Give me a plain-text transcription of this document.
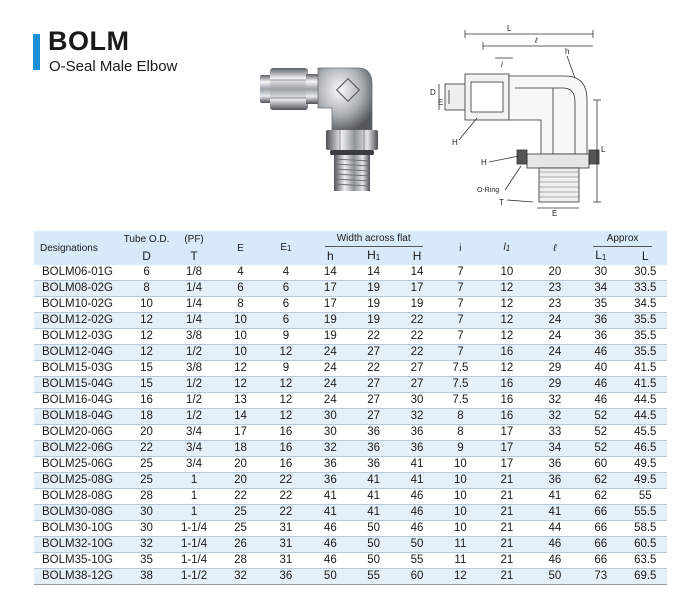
BOLM
O-Seal Male Elbow
L
ℓ
i
h
D
E
H
H
L
O-Ring
T
E
Designations	Tube O.D.	(PF)	E	$E_1$	Width across flat			i	$l_1$	ℓ	Approx	
	D	T			h	$H_1$	H				$L_1$	L
BOLM06-01G	6	1/8	4	4	14	14	14	7	10	20	30	30.5
BOLM08-02G	8	1/4	6	6	17	19	17	7	12	23	34	33.5
BOLM10-02G	10	1/4	8	6	17	19	19	7	12	23	35	34.5
BOLM12-02G	12	1/4	10	6	19	19	22	7	12	24	36	35.5
BOLM12-03G	12	3/8	10	9	19	22	22	7	12	24	36	35.5
BOLM12-04G	12	1/2	10	12	24	27	22	7	16	24	46	35.5
BOLM15-03G	15	3/8	12	9	24	22	27	7.5	12	29	40	41.5
BOLM15-04G	15	1/2	12	12	24	27	27	7.5	16	29	46	41.5
BOLM16-04G	16	1/2	13	12	24	27	30	7.5	16	32	46	44.5
BOLM18-04G	18	1/2	14	12	30	27	32	8	16	32	52	44.5
BOLM20-06G	20	3/4	17	16	30	36	36	8	17	33	52	45.5
BOLM22-06G	22	3/4	18	16	32	36	36	9	17	34	52	46.5
BOLM25-06G	25	3/4	20	16	36	36	41	10	17	36	60	49.5
BOLM25-08G	25	1	20	22	36	41	41	10	21	36	62	49.5
BOLM28-08G	28	1	22	22	41	41	46	10	21	41	62	55
BOLM30-08G	30	1	25	22	41	41	46	10	21	41	66	55.5
BOLM30-10G	30	1-1/4	25	31	46	50	46	10	21	44	66	58.5
BOLM32-10G	32	1-1/4	26	31	46	50	50	11	21	46	66	60.5
BOLM35-10G	35	1-1/4	28	31	46	50	55	11	21	46	66	63.5
BOLM38-12G	38	1-1/2	32	36	50	55	60	12	21	50	73	69.5
